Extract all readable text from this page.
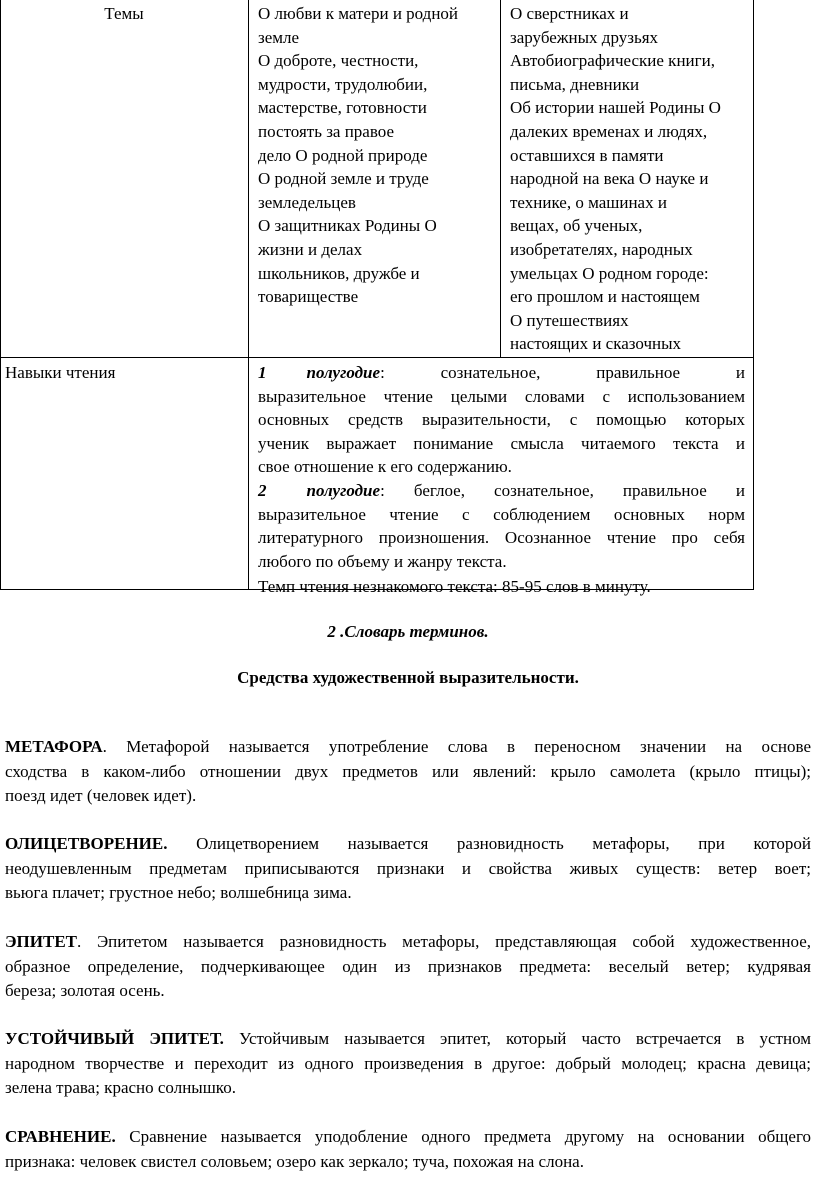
Темы	О любви к матери и родной
земле
О доброте, честности,
мудрости, трудолюбии,
мастерстве, готовности
постоять за правое
дело О родной природе
О родной земле и труде
земледельцев
О защитниках Родины О
жизни и делах
школьников, дружбе и
товариществе
О сверстниках и
зарубежных друзьях
Автобиографические книги,
письма, дневники
Об истории нашей Родины О
далеких временах и людях,
оставшихся в памяти
народной на века О науке и
технике, о машинах и
вещах, об ученых,
изобретателях, народных
умельцах О родном городе:
его прошлом и настоящем
О путешествиях
настоящих и сказочных
Навыки чтения	1 полугодие: сознательное, правильное и
выразительное чтение целыми словами с использованием
основных средств выразительности, с помощью которых
ученик выражает понимание смысла читаемого текста и
свое отношение к его содержанию.
2 полугодие: беглое, сознательное, правильное и
выразительное чтение с соблюдением основных норм
литературного произношения. Осознанное чтение про себя
любого по объему и жанру текста.
Темп чтения незнакомого текста: 85-95 слов в минуту.
2 .Словарь терминов.
Средства художественной выразительности.
МЕТАФОРА. Метафорой называется употребление слова в переносном значении на основе
сходства в каком-либо отношении двух предметов или явлений: крыло самолета (крыло птицы);
поезд идет (человек идет).
ОЛИЦЕТВОРЕНИЕ. Олицетворением называется разновидность метафоры, при которой
неодушевленным предметам приписываются признаки и свойства живых существ: ветер воет;
вьюга плачет; грустное небо; волшебница зима.
ЭПИТЕТ. Эпитетом называется разновидность метафоры, представляющая собой художественное,
образное определение, подчеркивающее один из признаков предмета: веселый ветер; кудрявая
береза; золотая осень.
УСТОЙЧИВЫЙ ЭПИТЕТ. Устойчивым называется эпитет, который часто встречается в устном
народном творчестве и переходит из одного произведения в другое: добрый молодец; красна девица;
зелена трава; красно солнышко.
СРАВНЕНИЕ. Сравнение называется уподобление одного предмета другому на основании общего
признака: человек свистел соловьем; озеро как зеркало; туча, похожая на слона.
